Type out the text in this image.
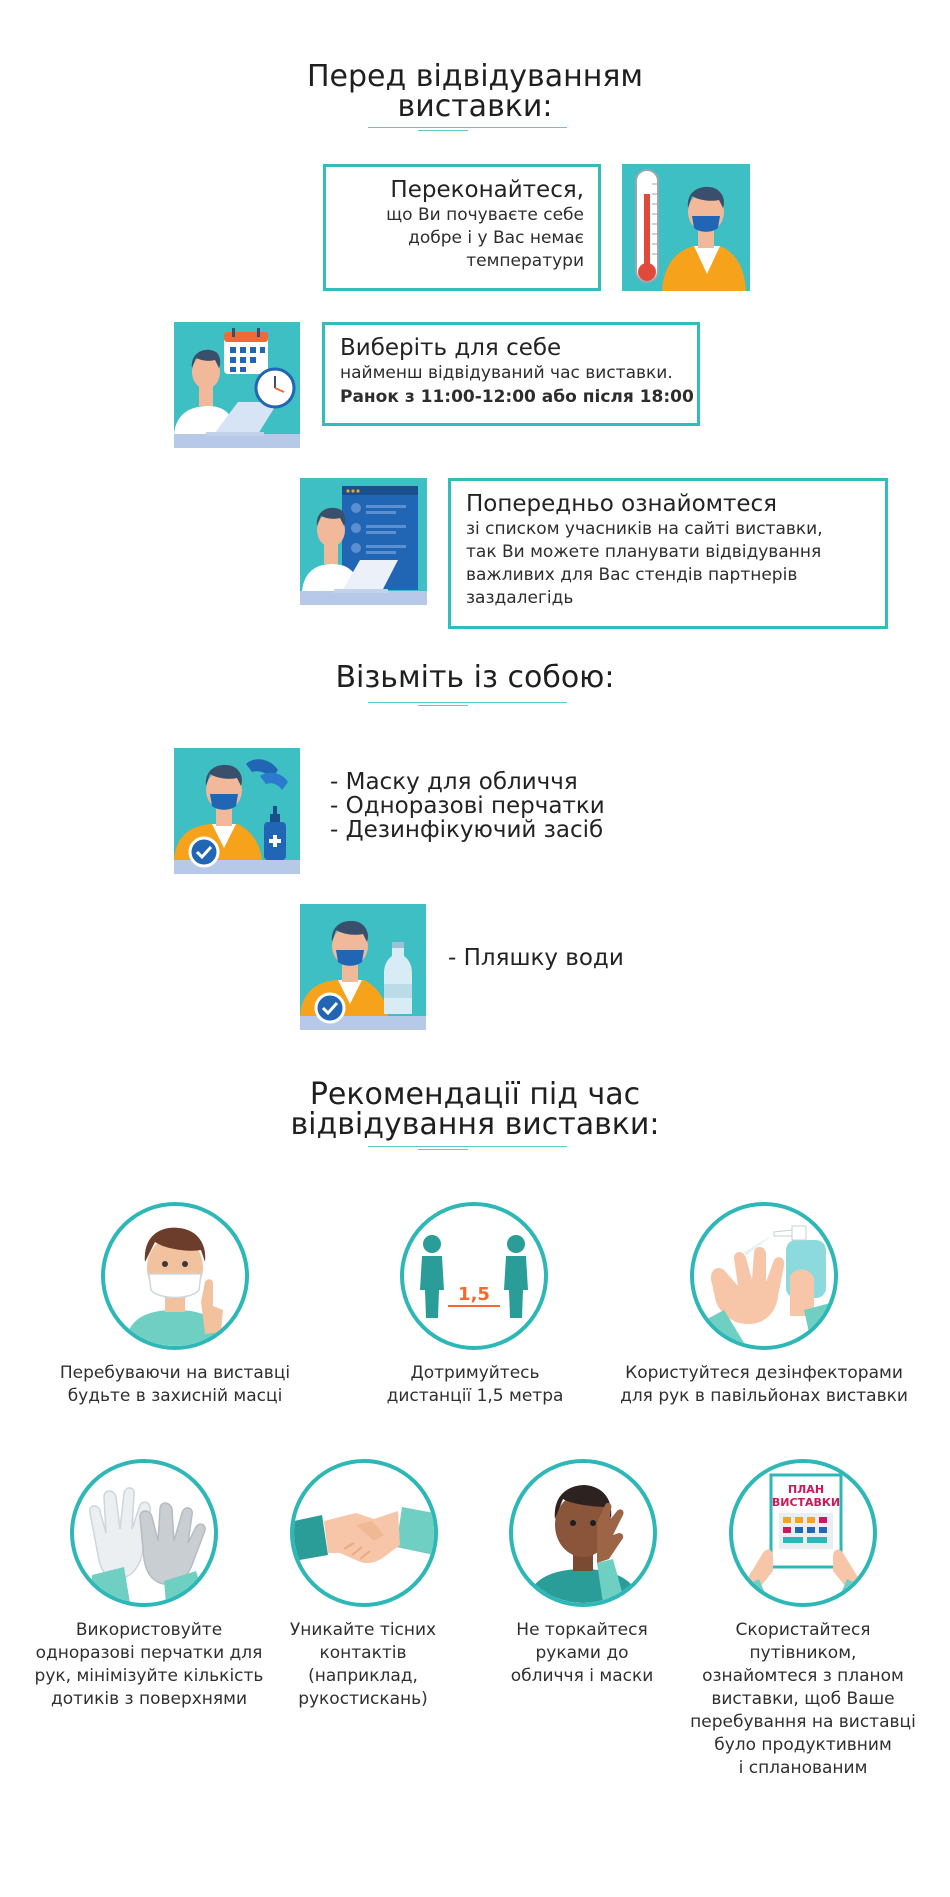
Перед відвідуванням
виставки:
Переконайтеся,
що Ви почуваєте себе
добре і у Вас немає
температури
Виберіть для себе
найменш відвідуваний час виставки.
Ранок з 11:00-12:00 або після 18:00
Попередньо ознайомтеся
зі списком учасників на сайті виставки,
так Ви можете планувати відвідування
важливих для Вас стендів партнерів
заздалегідь
Візьміть із собою:
- Маску для обличчя
- Одноразові перчатки
- Дезинфікуючий засіб
- Пляшку води
Рекомендації під час
відвідування виставки:
Перебуваючи на виставці
будьте в захисній масці
1,5
Дотримуйтесь
дистанції 1,5 метра
Користуйтеся дезінфекторами
для рук в павільйонах виставки
Використовуйте
одноразові перчатки для
рук, мінімізуйте кількість
дотиків з поверхнями
Уникайте тісних
контактів
(наприклад,
рукостискань)
Не торкайтеся
руками до
обличчя і маски
ПЛАН
ВИСТАВКИ
Скористайтеся
путівником,
ознайомтеся з планом
виставки, щоб Ваше
перебування на виставці
було продуктивним
і спланованим
